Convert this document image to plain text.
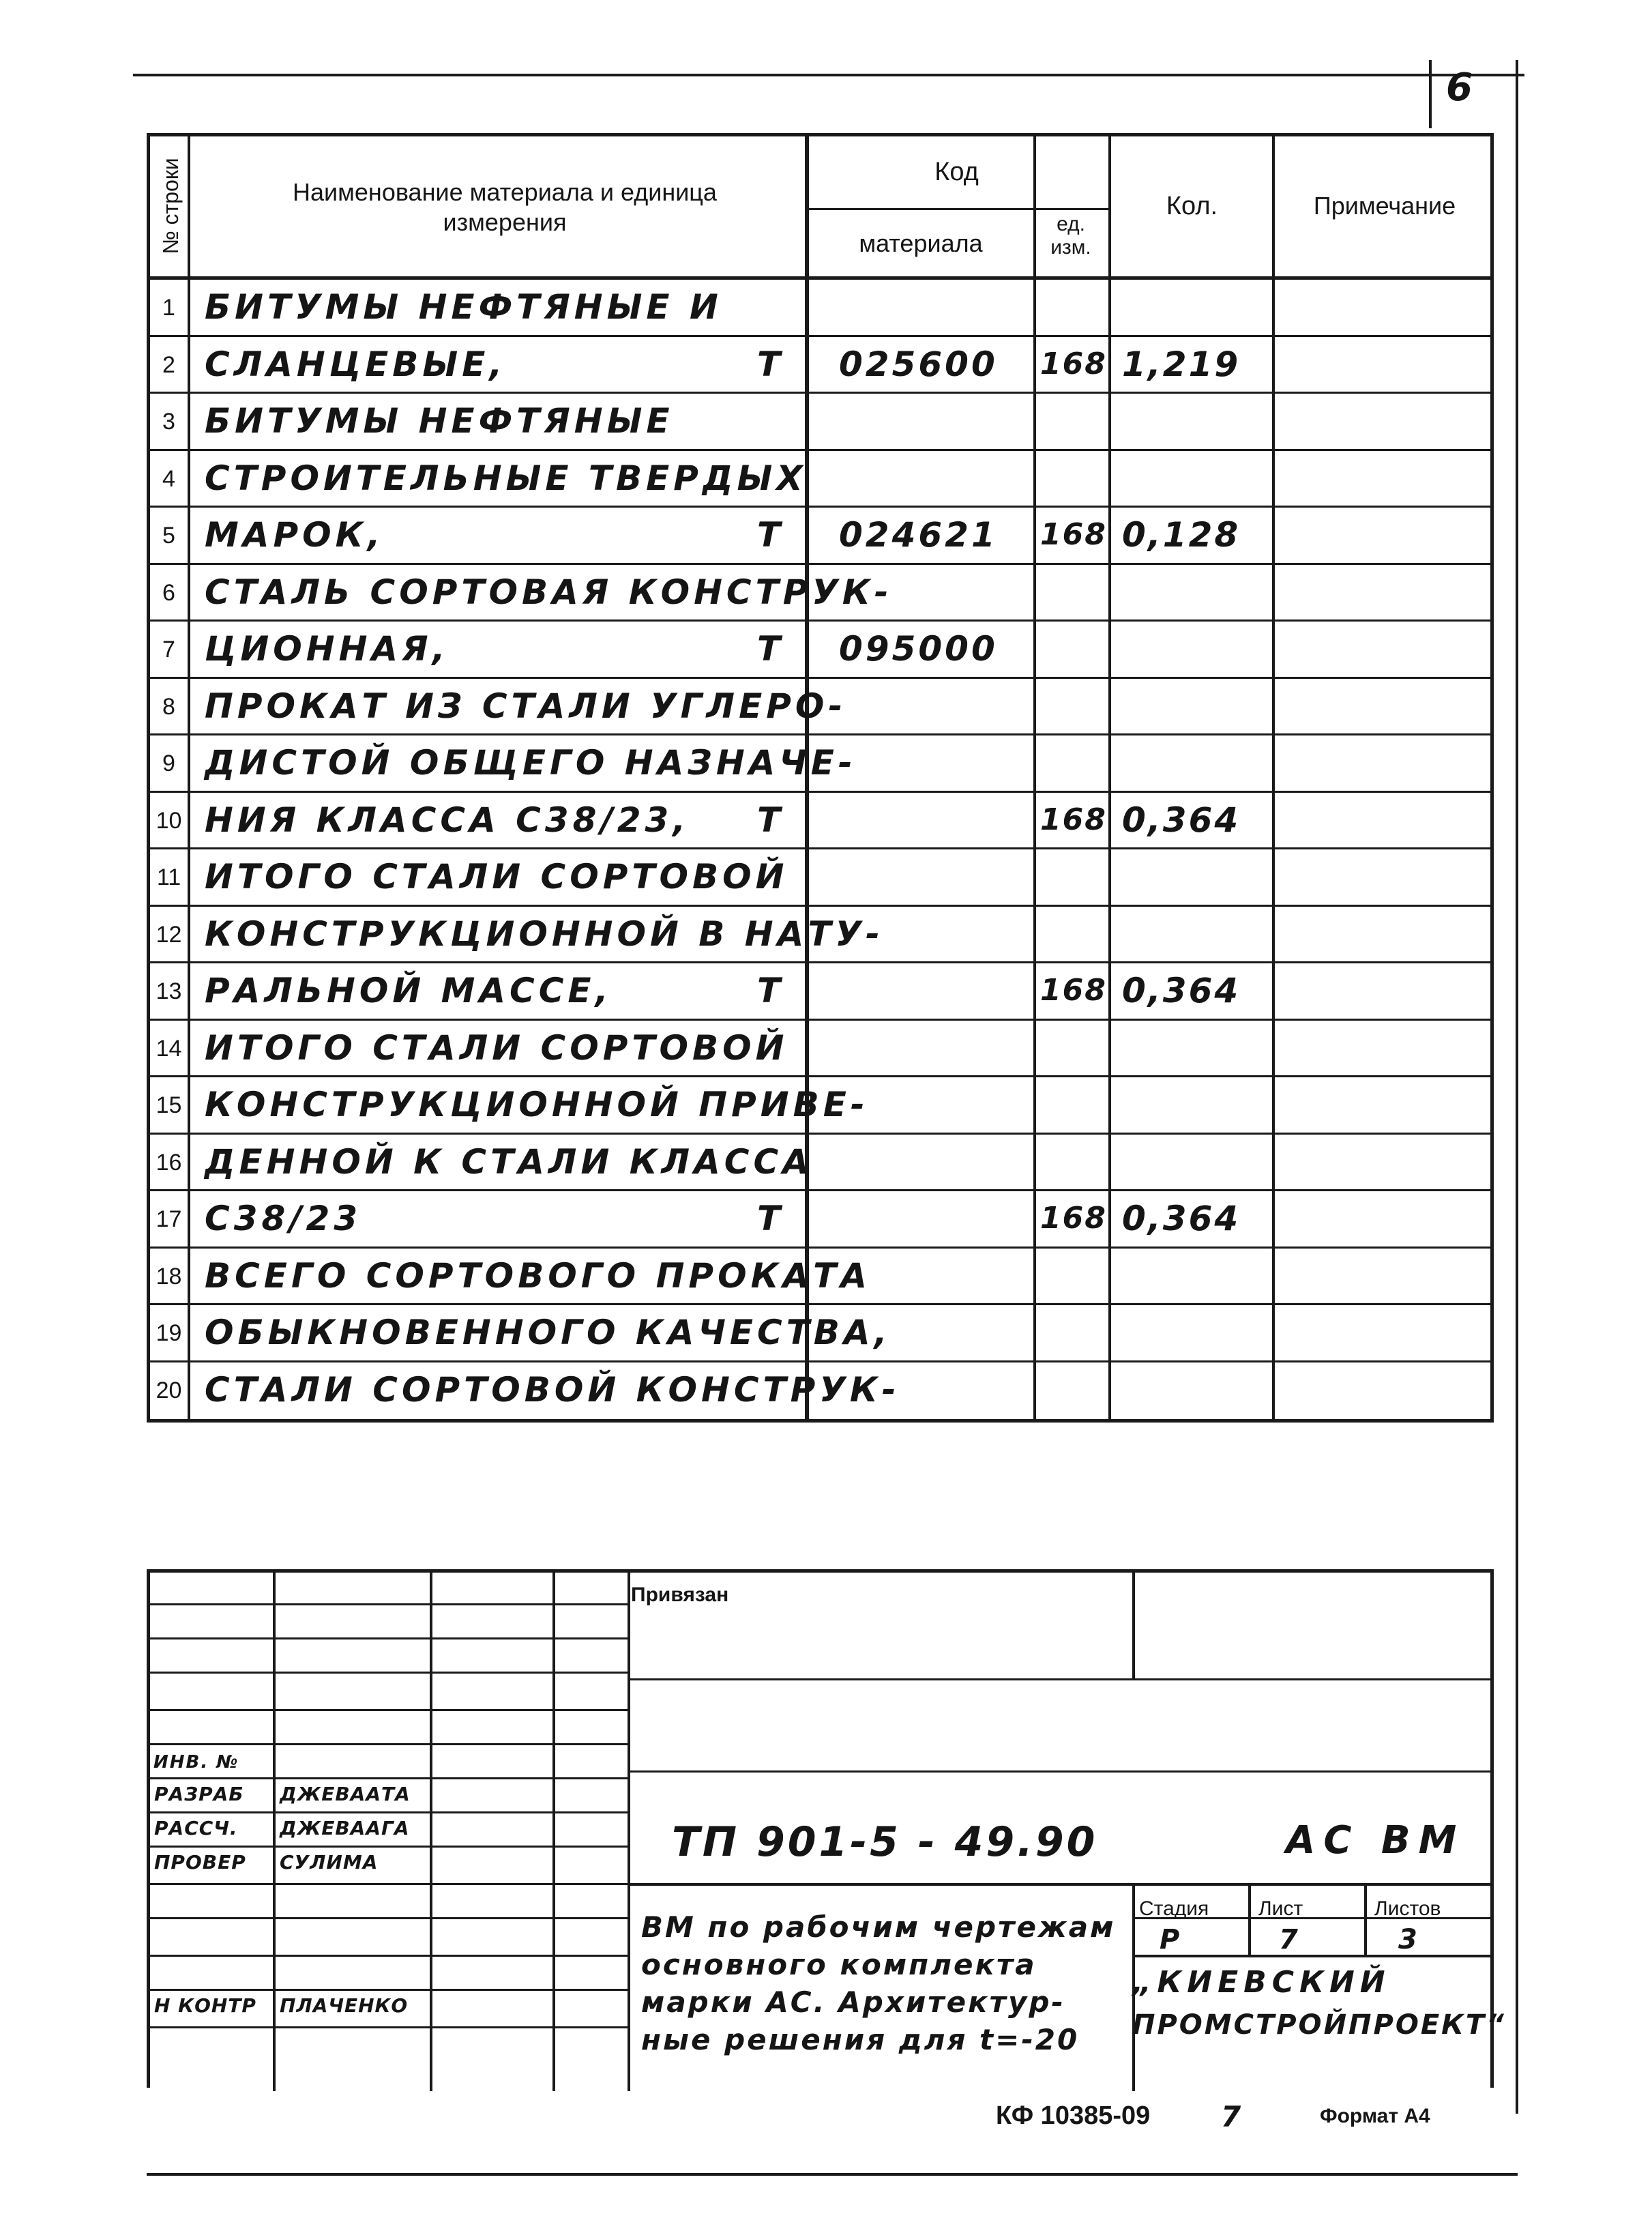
6
№ строки	Наименование материала и единица измерения
Код
материала
ед. изм.
Кол.	Примечание
1 БИТУМЫ НЕФТЯНЫЕ И
2 СЛАНЦЕВЫЕ,	Т 025600 168 1,219
3 БИТУМЫ НЕФТЯНЫЕ
4 СТРОИТЕЛЬНЫЕ ТВЕРДЫХ
5 МАРОК,	Т 024621 168 0,128
6 СТАЛЬ СОРТОВАЯ КОНСТРУК-
7 ЦИОННАЯ,	Т 095000
8 ПРОКАТ ИЗ СТАЛИ УГЛЕРО-
9 ДИСТОЙ ОБЩЕГО НАЗНАЧЕ-
10 НИЯ КЛАССА С38/23, Т	168 0,364
11 ИТОГО СТАЛИ СОРТОВОЙ
12 КОНСТРУКЦИОННОЙ В НАТУ-
13 РАЛЬНОЙ МАССЕ,	Т	168 0,364
14 ИТОГО СТАЛИ СОРТОВОЙ
15 КОНСТРУКЦИОННОЙ ПРИВЕ-
16 ДЕННОЙ К СТАЛИ КЛАССА
17 С38/23	Т	168 0,364
18 ВСЕГО СОРТОВОГО ПРОКАТА
19 ОБЫКНОВЕННОГО КАЧЕСТВА,
20 СТАЛИ СОРТОВОЙ КОНСТРУК-
Привязан
ИНВ. №
РАЗРАБ ДЖЕВААТА
РАССЧ. ДЖЕВААГА
ПРОВЕР СУЛИМА
Н КОНТР ПЛАЧЕНКО
ТП 901-5 - 49.90	АС ВМ
ВМ по рабочим чертежам
основного комплекта
марки АС. Архитектур-
ные решения для t=-20
Стадия Лист	Листов
Р	7	3
„КИЕВСКИЙ
ПРОМСТРОЙПРОЕКТ“
КФ 10385-09 7	Формат А4
